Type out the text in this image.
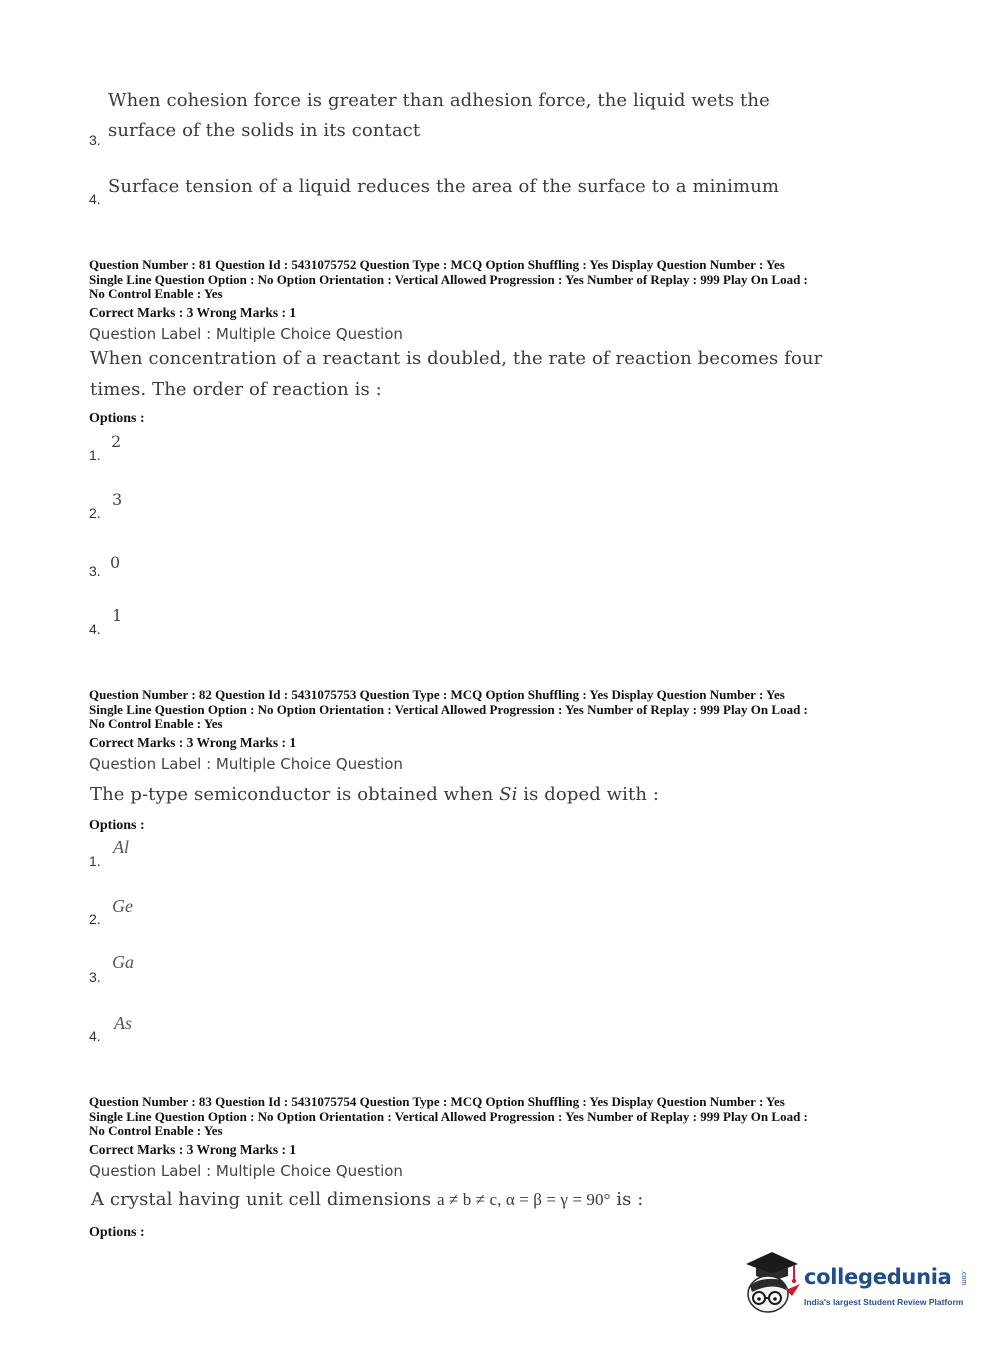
When cohesion force is greater than adhesion force, the liquid wets the
3. surface of the solids in its contact
4.
Surface tension of a liquid reduces the area of the surface to a minimum
Question Number : 81 Question Id : 5431075752 Question Type : MCQ Option Shuffling : Yes Display Question Number : Yes
Single Line Question Option : No Option Orientation : Vertical Allowed Progression : Yes Number of Replay : 999 Play On Load :
No Control Enable : Yes
Correct Marks : 3 Wrong Marks : 1
Question Label : Multiple Choice Question
When concentration of a reactant is doubled, the rate of reaction becomes four
times. The order of reaction is :
Options :
1.
2
2.
3
3. 0
4.
1
Question Number : 82 Question Id : 5431075753 Question Type : MCQ Option Shuffling : Yes Display Question Number : Yes
Single Line Question Option : No Option Orientation : Vertical Allowed Progression : Yes Number of Replay : 999 Play On Load :
No Control Enable : Yes
Correct Marks : 3 Wrong Marks : 1
Question Label : Multiple Choice Question
The p-type semiconductor is obtained when Si is doped with :
Options :
1.
Al
2.
Ge
3.
Ga
4.
As
Question Number : 83 Question Id : 5431075754 Question Type : MCQ Option Shuffling : Yes Display Question Number : Yes
Single Line Question Option : No Option Orientation : Vertical Allowed Progression : Yes Number of Replay : 999 Play On Load :
No Control Enable : Yes
Correct Marks : 3 Wrong Marks : 1
Question Label : Multiple Choice Question
A crystal having unit cell dimensions a ≠ b ≠ c, α = β = γ = 90° is :
Options :
collegedunia .com
India's largest Student Review Platform
